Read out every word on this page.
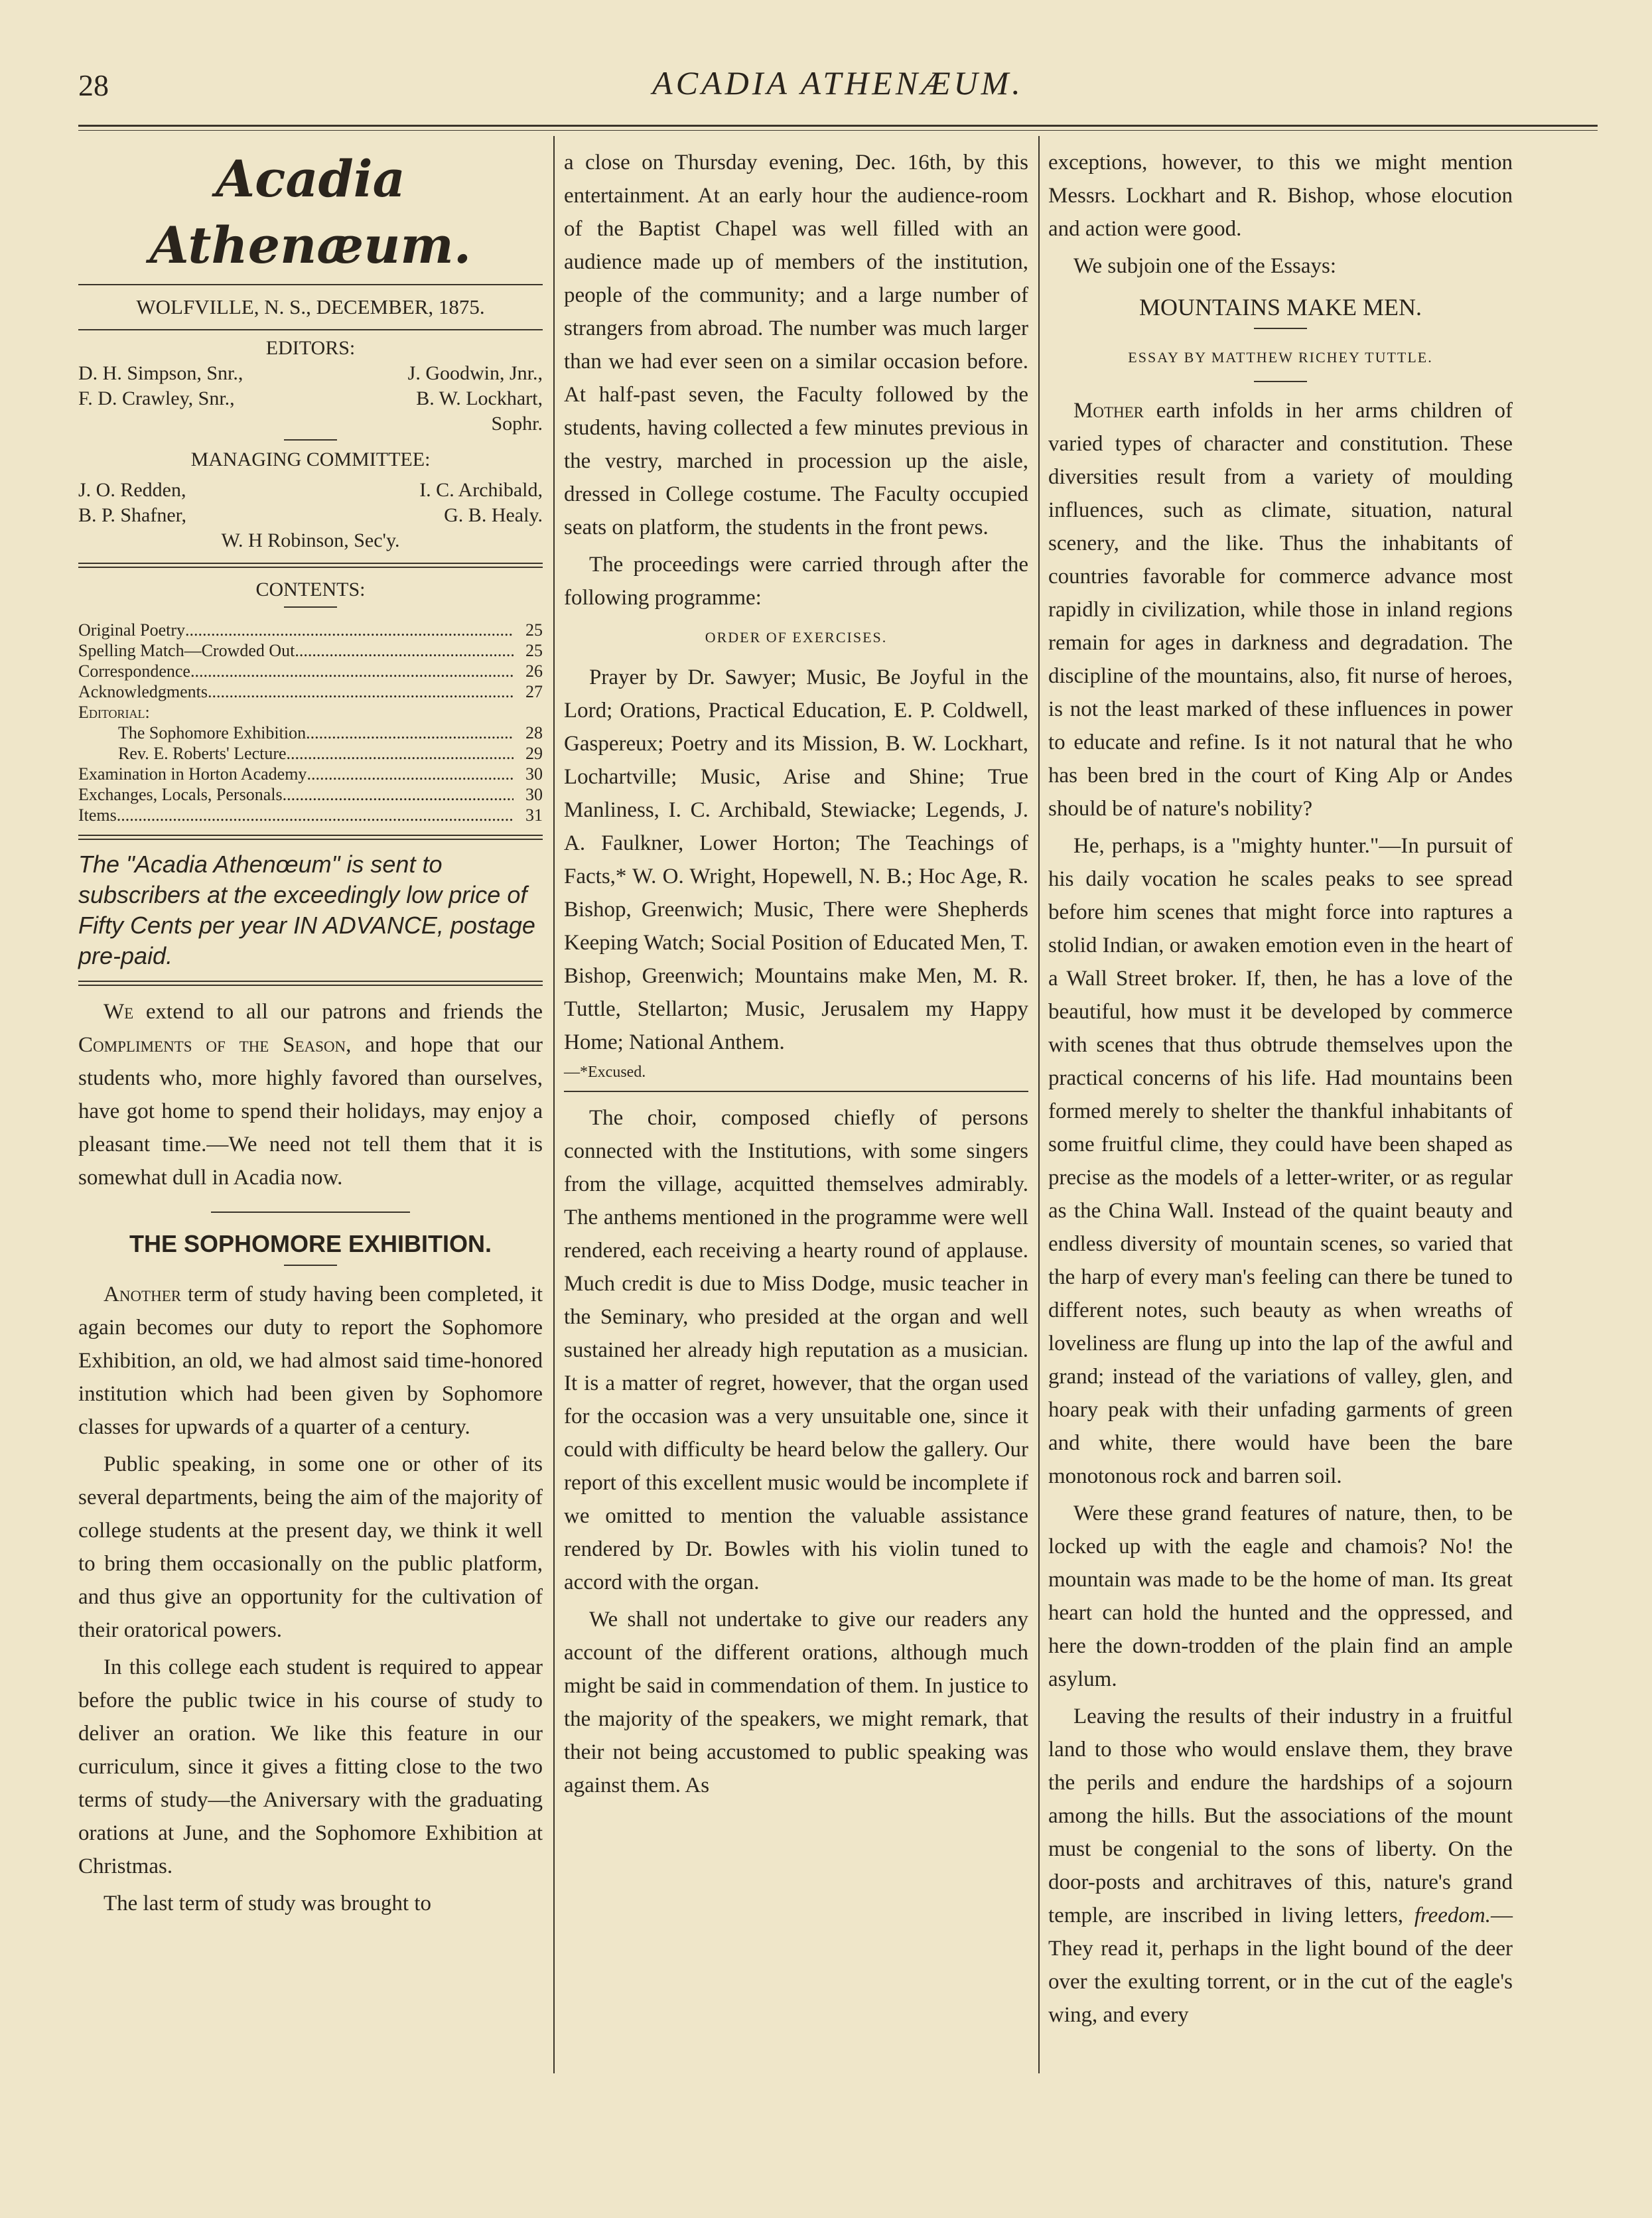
28	ACADIA ATHENÆUM.
Acadia Athenæum.
WOLFVILLE, N. S., DECEMBER, 1875.
EDITORS:
D. H. Simpson, Snr.,	J. Goodwin, Jnr.,
F. D. Crawley, Snr.,	B. W. Lockhart,
Sophr.
MANAGING COMMITTEE:
J. O. Redden,	I. C. Archibald,
B. P. Shafner,	G. B. Healy.
W. H Robinson, Sec'y.
CONTENTS:
Original Poetry .....	25
Spelling Match—Crowded Out .....	25
Correspondence .....	26
Acknowledgments .....	27
Editorial:
The Sophomore Exhibition .....	28
Rev. E. Roberts' Lecture .....	29
Examination in Horton Academy .....	30
Exchanges, Locals, Personals .....	30
Items .....	31
The "Acadia Athenœum" is sent to subscribers at the exceedingly low price of Fifty Cents per year IN ADVANCE, postage pre-paid.

We extend to all our patrons and friends the Compliments of the Season, and hope that our students who, more highly favored than ourselves, have got home to spend their holidays, may enjoy a pleasant time.—We need not tell them that it is somewhat dull in Acadia now.

THE SOPHOMORE EXHIBITION.

Another term of study having been completed, it again becomes our duty to report the Sophomore Exhibition, an old, we had almost said time-honored institution which had been given by Sophomore classes for upwards of a quarter of a century.

Public speaking, in some one or other of its several departments, being the aim of the majority of college students at the present day, we think it well to bring them occasionally on the public platform, and thus give an opportunity for the cultivation of their oratorical powers.

In this college each student is required to appear before the public twice in his course of study to deliver an oration. We like this feature in our curriculum, since it gives a fitting close to the two terms of study—the Aniversary with the graduating orations at June, and the Sophomore Exhibition at Christmas.

The last term of study was brought to

a close on Thursday evening, Dec. 16th, by this entertainment. At an early hour the audience-room of the Baptist Chapel was well filled with an audience made up of members of the institution, people of the community; and a large number of strangers from abroad. The number was much larger than we had ever seen on a similar occasion before. At half-past seven, the Faculty followed by the students, having collected a few minutes previous in the vestry, marched in procession up the aisle, dressed in College costume. The Faculty occupied seats on platform, the students in the front pews.

The proceedings were carried through after the following programme:

ORDER OF EXERCISES.

Prayer by Dr. Sawyer; Music, Be Joyful in the Lord; Orations, Practical Education, E. P. Coldwell, Gaspereux; Poetry and its Mission, B. W. Lockhart, Lochartville; Music, Arise and Shine; True Manliness, I. C. Archibald, Stewiacke; Legends, J. A. Faulkner, Lower Horton; The Teachings of Facts,* W. O. Wright, Hopewell, N. B.; Hoc Age, R. Bishop, Greenwich; Music, There were Shepherds Keeping Watch; Social Position of Educated Men, T. Bishop, Greenwich; Mountains make Men, M. R. Tuttle, Stellarton; Music, Jerusalem my Happy Home; National Anthem.

—*Excused.

The choir, composed chiefly of persons connected with the Institutions, with some singers from the village, acquitted themselves admirably. The anthems mentioned in the programme were well rendered, each receiving a hearty round of applause. Much credit is due to Miss Dodge, music teacher in the Seminary, who presided at the organ and well sustained her already high reputation as a musician. It is a matter of regret, however, that the organ used for the occasion was a very unsuitable one, since it could with difficulty be heard below the gallery. Our report of this excellent music would be incomplete if we omitted to mention the valuable assistance rendered by Dr. Bowles with his violin tuned to accord with the organ.

We shall not undertake to give our readers any account of the different orations, although much might be said in commendation of them. In justice to the majority of the speakers, we might remark, that their not being accustomed to public speaking was against them. As

exceptions, however, to this we might mention Messrs. Lockhart and R. Bishop, whose elocution and action were good.

We subjoin one of the Essays:

MOUNTAINS MAKE MEN.
ESSAY BY MATTHEW RICHEY TUTTLE.

Mother earth infolds in her arms children of varied types of character and constitution. These diversities result from a variety of moulding influences, such as climate, situation, natural scenery, and the like. Thus the inhabitants of countries favorable for commerce advance most rapidly in civilization, while those in inland regions remain for ages in darkness and degradation. The discipline of the mountains, also, fit nurse of heroes, is not the least marked of these influences in power to educate and refine. Is it not natural that he who has been bred in the court of King Alp or Andes should be of nature's nobility?

He, perhaps, is a "mighty hunter."—In pursuit of his daily vocation he scales peaks to see spread before him scenes that might force into raptures a stolid Indian, or awaken emotion even in the heart of a Wall Street broker. If, then, he has a love of the beautiful, how must it be developed by commerce with scenes that thus obtrude themselves upon the practical concerns of his life. Had mountains been formed merely to shelter the thankful inhabitants of some fruitful clime, they could have been shaped as precise as the models of a letter-writer, or as regular as the China Wall. Instead of the quaint beauty and endless diversity of mountain scenes, so varied that the harp of every man's feeling can there be tuned to different notes, such beauty as when wreaths of loveliness are flung up into the lap of the awful and grand; instead of the variations of valley, glen, and hoary peak with their unfading garments of green and white, there would have been the bare monotonous rock and barren soil.

Were these grand features of nature, then, to be locked up with the eagle and chamois? No! the mountain was made to be the home of man. Its great heart can hold the hunted and the oppressed, and here the down-trodden of the plain find an ample asylum.

Leaving the results of their industry in a fruitful land to those who would enslave them, they brave the perils and endure the hardships of a sojourn among the hills. But the associations of the mount must be congenial to the sons of liberty. On the door-posts and architraves of this, nature's grand temple, are inscribed in living letters, freedom.—They read it, perhaps in the light bound of the deer over the exulting torrent, or in the cut of the eagle's wing, and every
